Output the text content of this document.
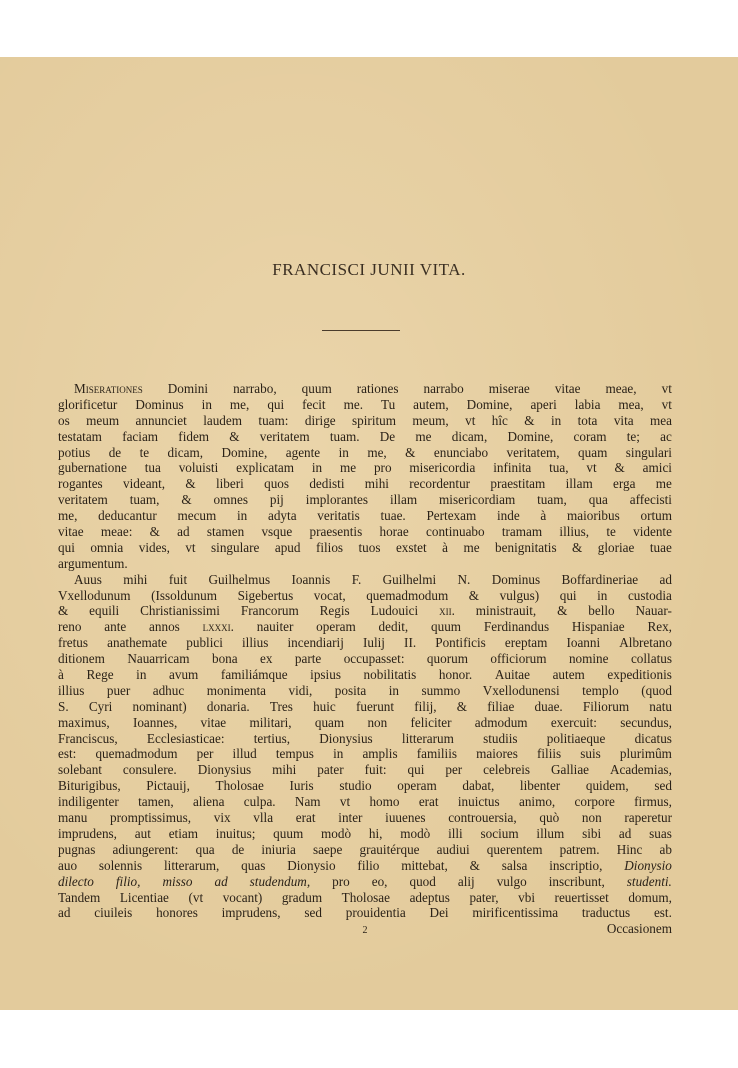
FRANCISCI JUNII VITA.
Miserationes Domini narrabo, quum rationes narrabo miserae vitae meae, vt
glorificetur Dominus in me, qui fecit me. Tu autem, Domine, aperi labia mea, vt
os meum annunciet laudem tuam: dirige spiritum meum, vt hîc & in tota vita mea
testatam faciam fidem & veritatem tuam. De me dicam, Domine, coram te; ac
potius de te dicam, Domine, agente in me, & enunciabo veritatem, quam singulari
gubernatione tua voluisti explicatam in me pro misericordia infinita tua, vt & amici
rogantes videant, & liberi quos dedisti mihi recordentur praestitam illam erga me
veritatem tuam, & omnes pij implorantes illam misericordiam tuam, qua affecisti
me, deducantur mecum in adyta veritatis tuae. Pertexam inde à maioribus ortum
vitae meae: & ad stamen vsque praesentis horae continuabo tramam illius, te vidente
qui omnia vides, vt singulare apud filios tuos exstet à me benignitatis & gloriae tuae
argumentum.
Auus mihi fuit Guilhelmus Ioannis F. Guilhelmi N. Dominus Boffardineriae ad
Vxellodunum (Issoldunum Sigebertus vocat, quemadmodum & vulgus) qui in custodia
& equili Christianissimi Francorum Regis Ludouici xii. ministrauit, & bello Nauar-
reno ante annos lxxxi. nauiter operam dedit, quum Ferdinandus Hispaniae Rex,
fretus anathemate publici illius incendiarij Iulij II. Pontificis ereptam Ioanni Albretano
ditionem Nauarricam bona ex parte occupasset: quorum officiorum nomine collatus
à Rege in avum familiámque ipsius nobilitatis honor. Auitae autem expeditionis
illius puer adhuc monimenta vidi, posita in summo Vxellodunensi templo (quod
S. Cyri nominant) donaria. Tres huic fuerunt filij, & filiae duae. Filiorum natu
maximus, Ioannes, vitae militari, quam non feliciter admodum exercuit: secundus,
Franciscus, Ecclesiasticae: tertius, Dionysius litterarum studiis politiaeque dicatus
est: quemadmodum per illud tempus in amplis familiis maiores filiis suis plurimûm
solebant consulere. Dionysius mihi pater fuit: qui per celebreis Galliae Academias,
Biturigibus, Pictauij, Tholosae Iuris studio operam dabat, libenter quidem, sed
indiligenter tamen, aliena culpa. Nam vt homo erat inuictus animo, corpore firmus,
manu promptissimus, vix vlla erat inter iuuenes controuersia, quò non raperetur
imprudens, aut etiam inuitus; quum modò hi, modò illi socium illum sibi ad suas
pugnas adiungerent: qua de iniuria saepe grauitérque audiui querentem patrem. Hinc ab
auo solennis litterarum, quas Dionysio filio mittebat, & salsa inscriptio, Dionysio
dilecto filio, misso ad studendum, pro eo, quod alij vulgo inscribunt, studenti.
Tandem Licentiae (vt vocant) gradum Tholosae adeptus pater, vbi reuertisset domum,
ad ciuileis honores imprudens, sed prouidentia Dei mirificentissima traductus est.
2	Occasionem
